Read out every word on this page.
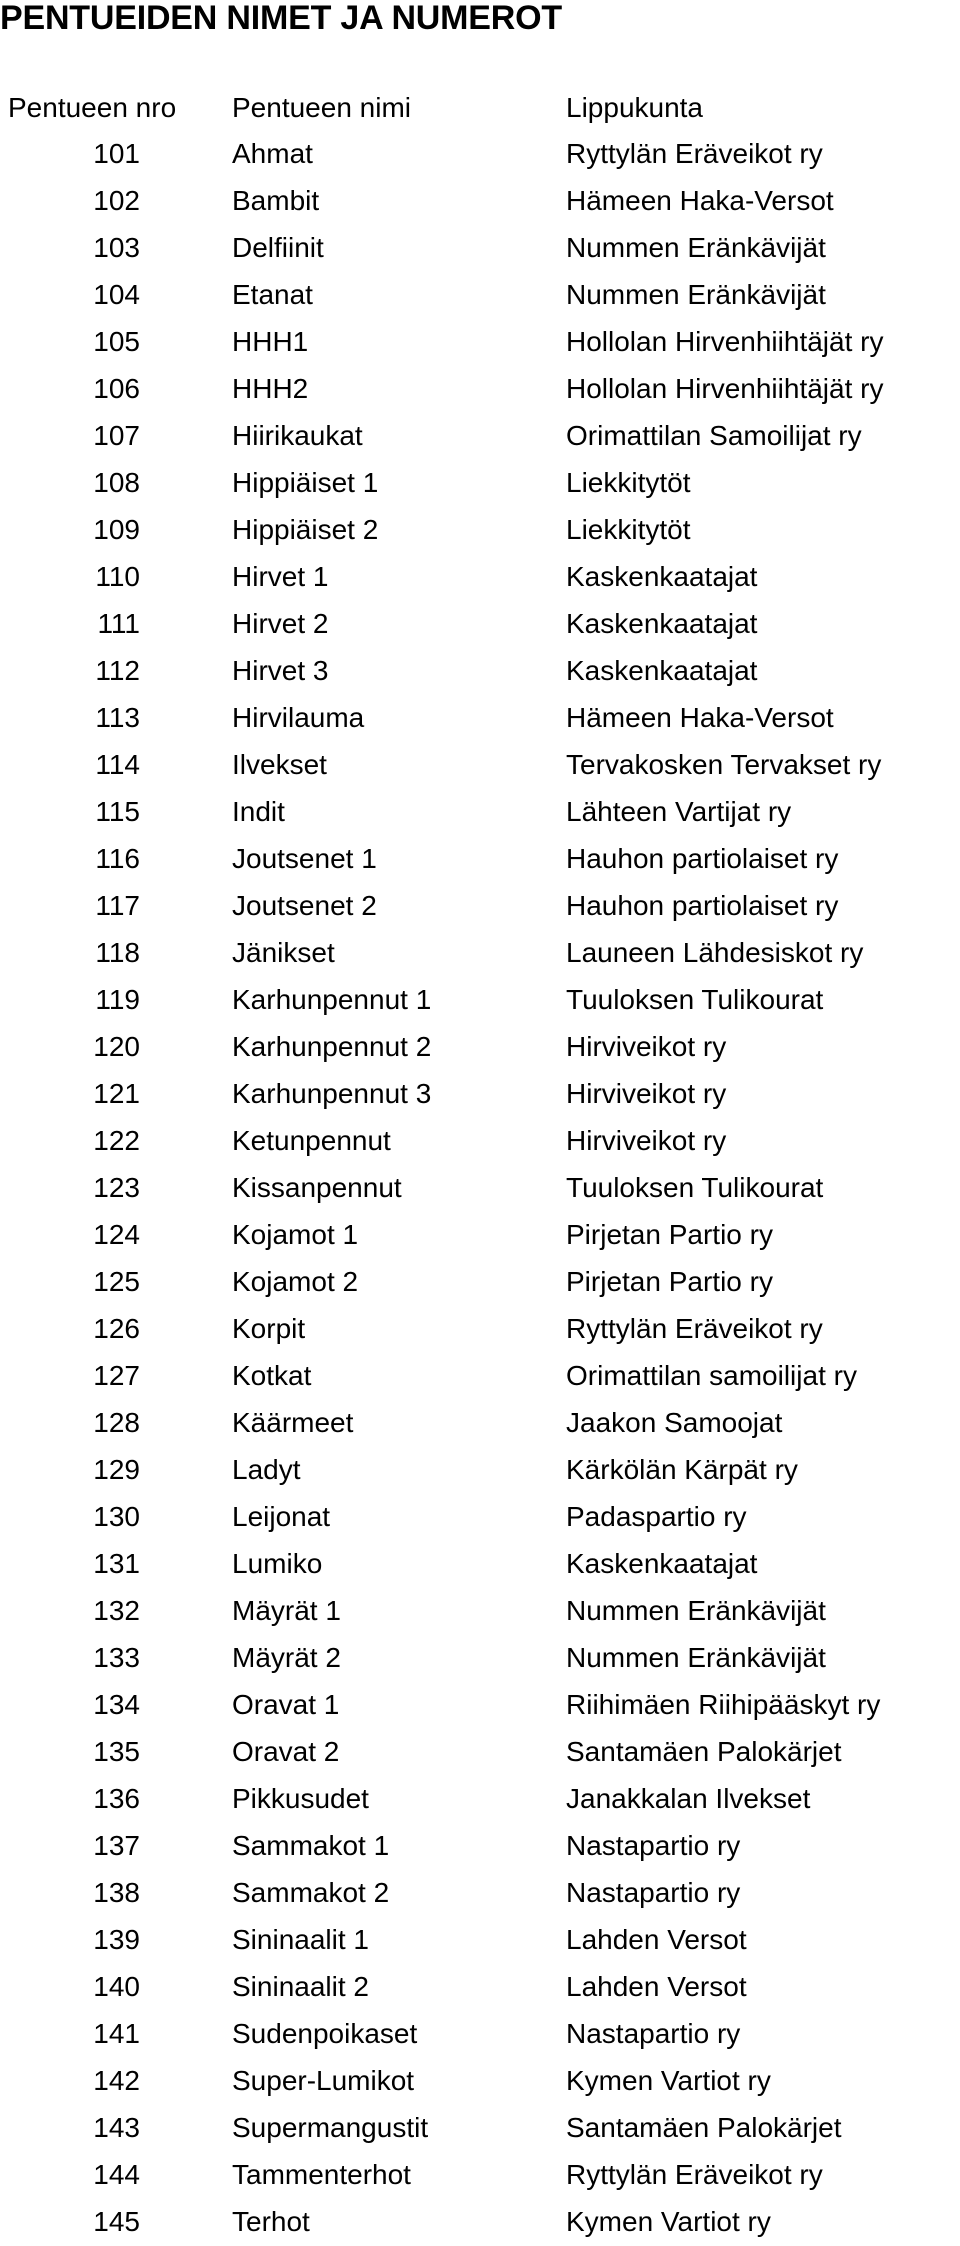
PENTUEIDEN NIMET JA NUMEROT
Pentueen nro	Pentueen nimi	Lippukunta
101	Ahmat	Ryttylän Eräveikot ry
102	Bambit	Hämeen Haka-Versot
103	Delfiinit	Nummen Eränkävijät
104	Etanat	Nummen Eränkävijät
105	HHH1	Hollolan Hirvenhiihtäjät ry
106	HHH2	Hollolan Hirvenhiihtäjät ry
107	Hiirikaukat	Orimattilan Samoilijat ry
108	Hippiäiset 1	Liekkitytöt
109	Hippiäiset 2	Liekkitytöt
110	Hirvet 1	Kaskenkaatajat
111	Hirvet 2	Kaskenkaatajat
112	Hirvet 3	Kaskenkaatajat
113	Hirvilauma	Hämeen Haka-Versot
114	Ilvekset	Tervakosken Tervakset ry
115	Indit	Lähteen Vartijat ry
116	Joutsenet 1	Hauhon partiolaiset ry
117	Joutsenet 2	Hauhon partiolaiset ry
118	Jänikset	Launeen Lähdesiskot ry
119	Karhunpennut 1	Tuuloksen Tulikourat
120	Karhunpennut 2	Hirviveikot ry
121	Karhunpennut 3	Hirviveikot ry
122	Ketunpennut	Hirviveikot ry
123	Kissanpennut	Tuuloksen Tulikourat
124	Kojamot 1	Pirjetan Partio ry
125	Kojamot 2	Pirjetan Partio ry
126	Korpit	Ryttylän Eräveikot ry
127	Kotkat	Orimattilan samoilijat ry
128	Käärmeet	Jaakon Samoojat
129	Ladyt	Kärkölän Kärpät ry
130	Leijonat	Padaspartio ry
131	Lumiko	Kaskenkaatajat
132	Mäyrät 1	Nummen Eränkävijät
133	Mäyrät 2	Nummen Eränkävijät
134	Oravat 1	Riihimäen Riihipääskyt ry
135	Oravat 2	Santamäen Palokärjet
136	Pikkusudet	Janakkalan Ilvekset
137	Sammakot 1	Nastapartio ry
138	Sammakot 2	Nastapartio ry
139	Sininaalit 1	Lahden Versot
140	Sininaalit 2	Lahden Versot
141	Sudenpoikaset	Nastapartio ry
142	Super-Lumikot	Kymen Vartiot ry
143	Supermangustit	Santamäen Palokärjet
144	Tammenterhot	Ryttylän Eräveikot ry
145	Terhot	Kymen Vartiot ry
